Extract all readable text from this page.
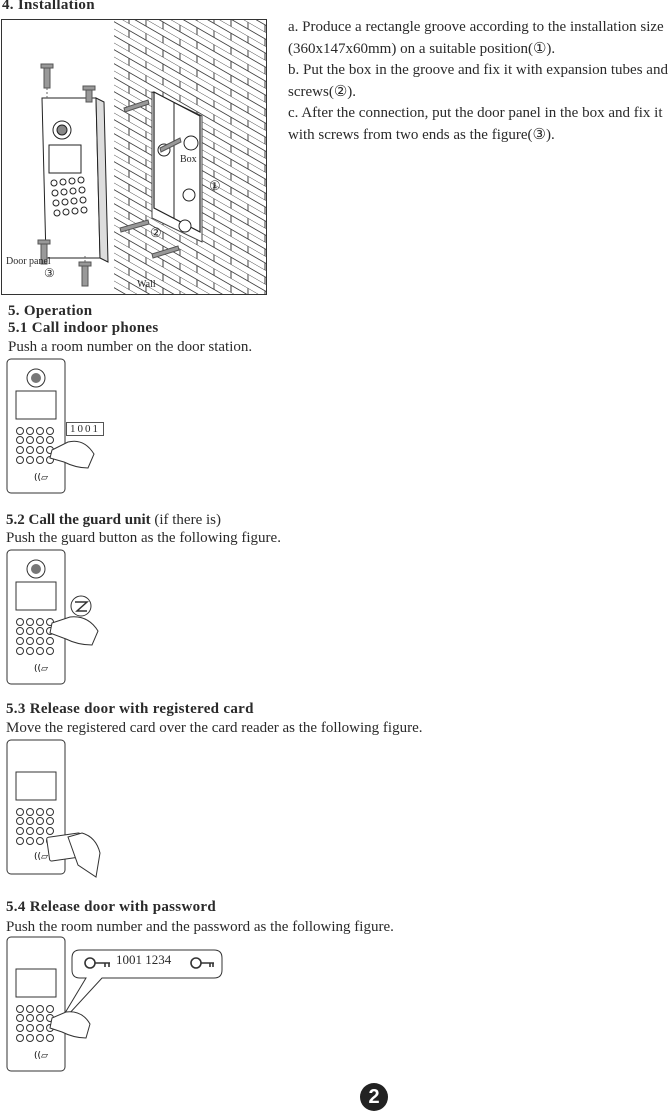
4. Installation
Box
①
②
Door panel
③
Wall

a. Produce a rectangle groove according to the installation size (360x147x60mm) on a suitable position(①).

b. Put the box in the groove and fix it with expansion tubes and screws(②).

c. After the connection, put the door panel in the box and fix it with screws from two ends as the figure(③).

5. Operation
5.1 Call indoor phones
Push a room number on the door station.
((▱
1001
5.2 Call the guard unit (if there is)
Push the guard button as the following figure.
((▱
5.3 Release door with registered card
Move the registered card over the card reader as the following figure.
((▱
5.4 Release door with password
Push the room number and the password as the following figure.
((▱
1001 1234
2
